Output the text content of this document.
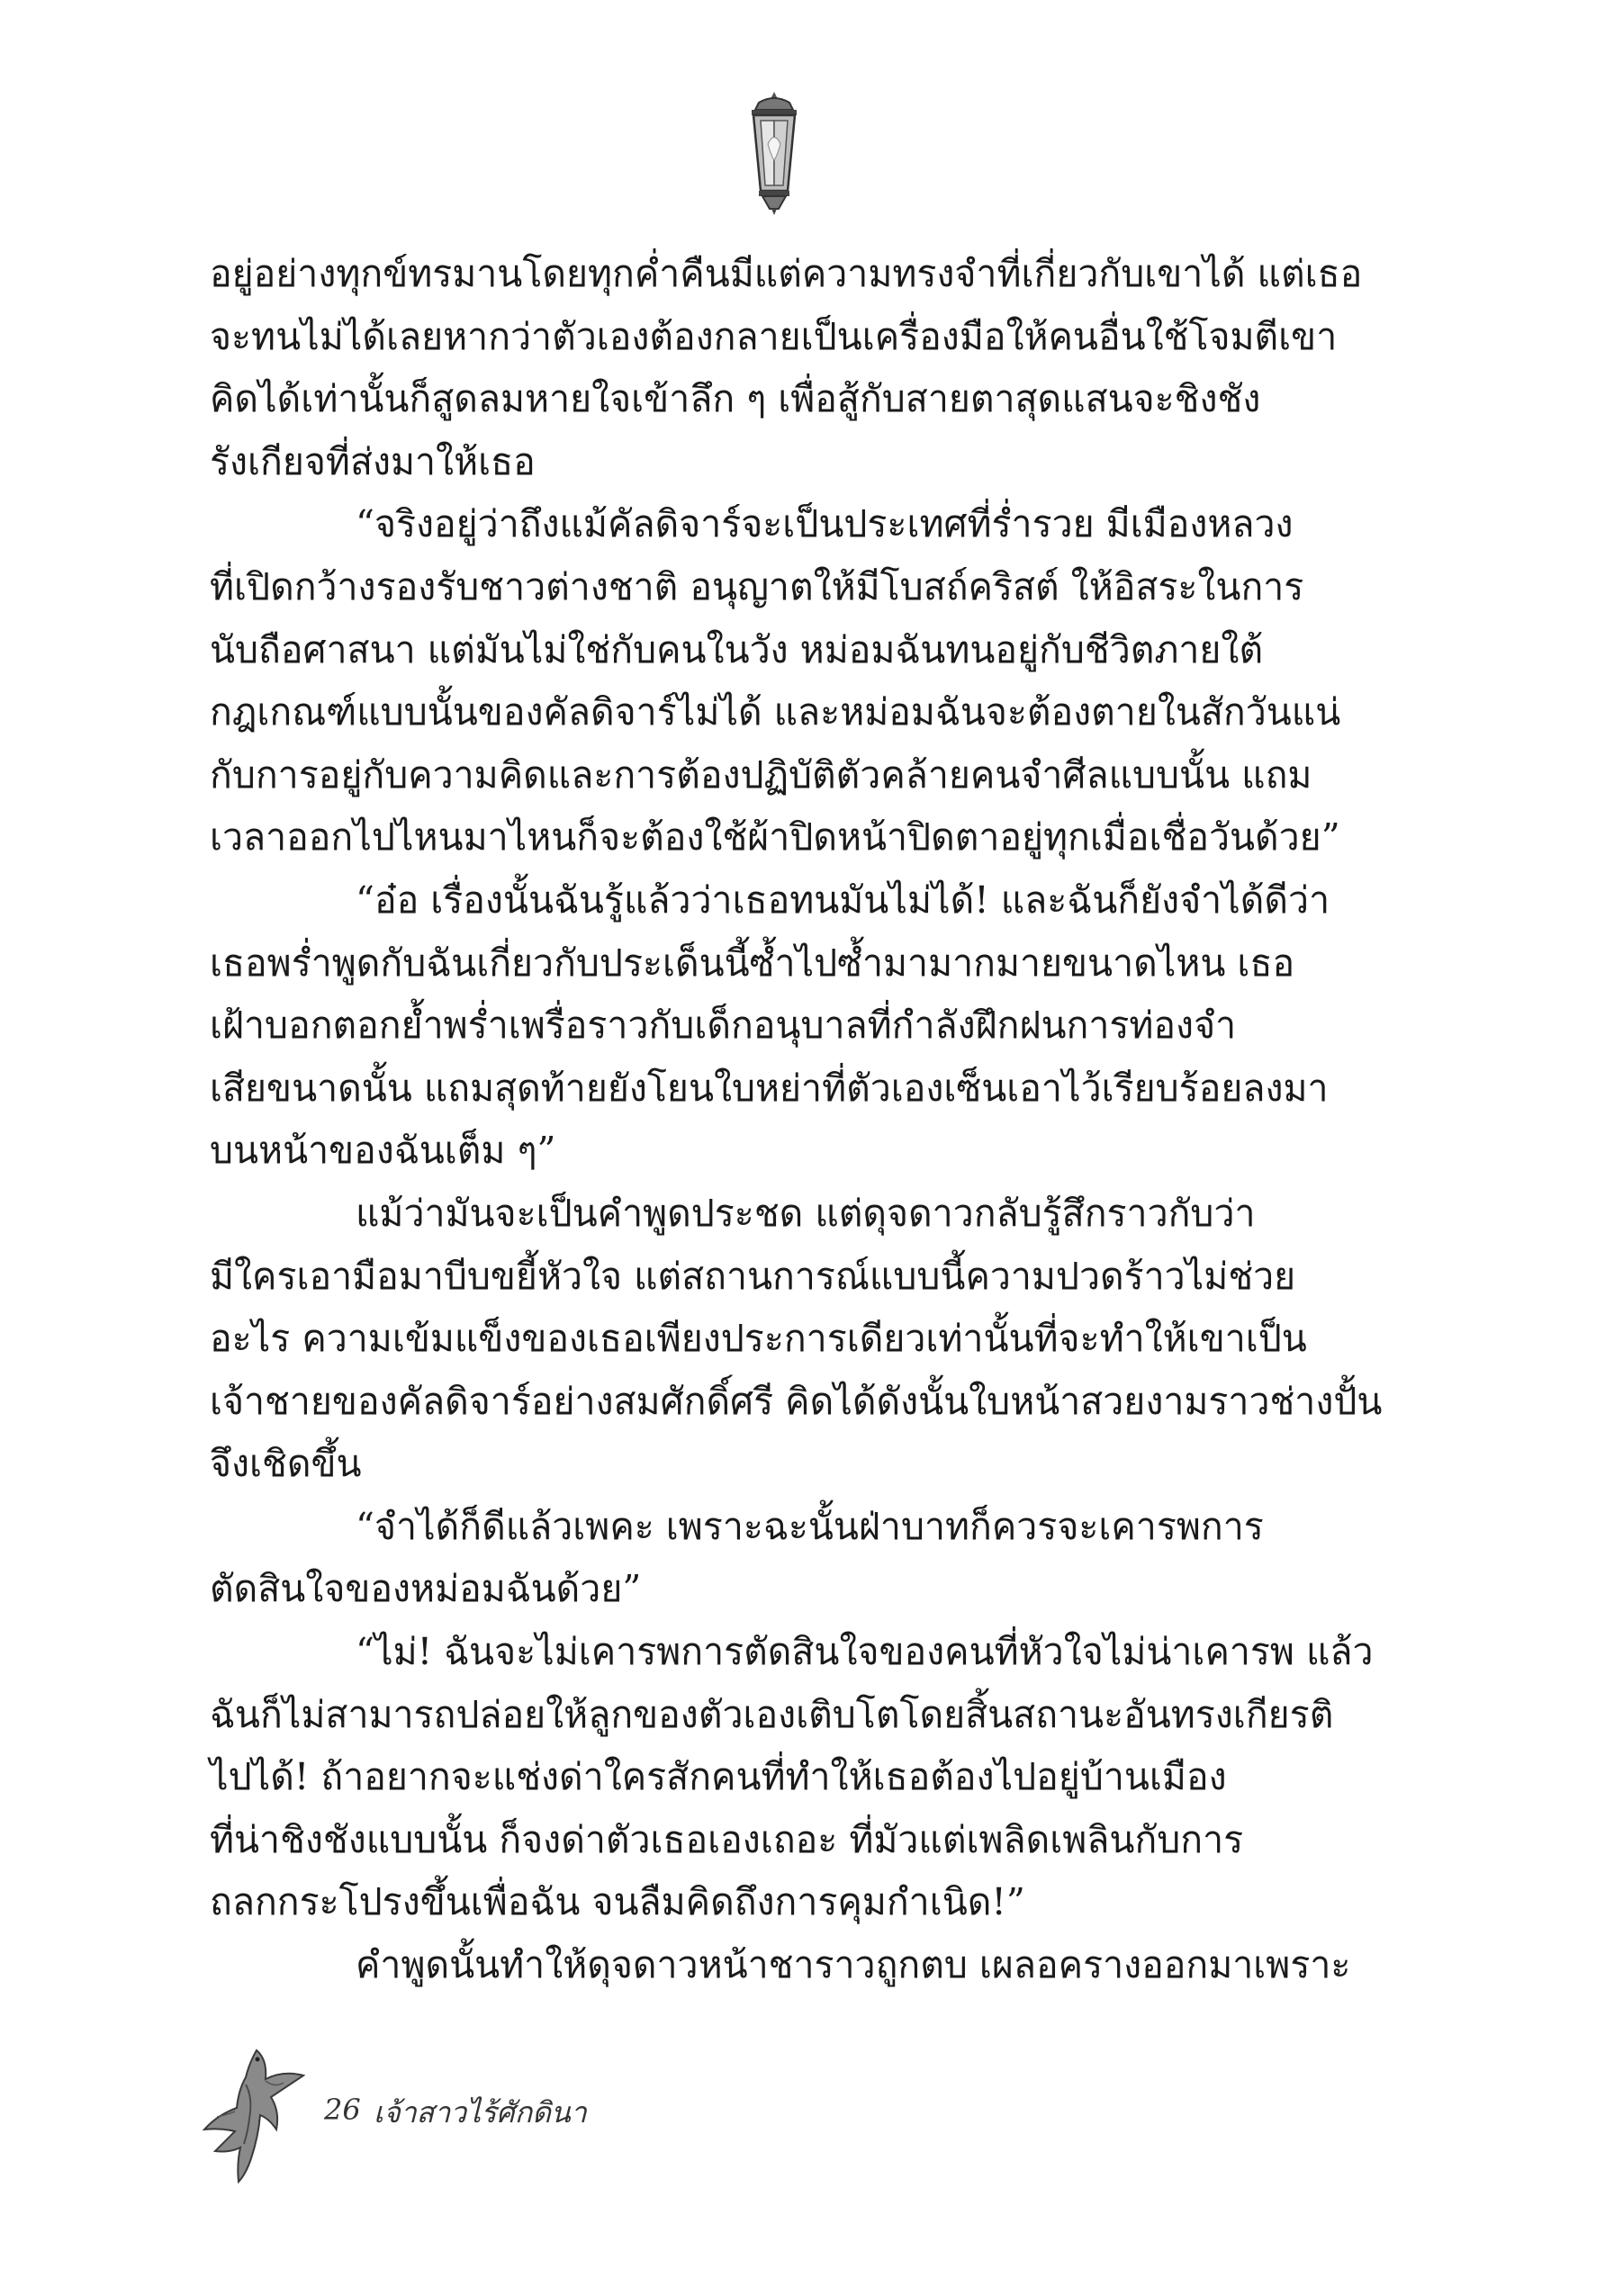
อยู่อย่างทุกข์ทรมานโดยทุกค่ำคืนมีแต่ความทรงจำที่เกี่ยวกับเขาได้ แต่เธอ
จะทนไม่ได้เลยหากว่าตัวเองต้องกลายเป็นเครื่องมือให้คนอื่นใช้โจมตีเขา
คิดได้เท่านั้นก็สูดลมหายใจเข้าลึก ๆ เพื่อสู้กับสายตาสุดแสนจะชิงชัง
รังเกียจที่ส่งมาให้เธอ
“จริงอยู่ว่าถึงแม้คัลดิจาร์จะเป็นประเทศที่ร่ำรวย มีเมืองหลวง
ที่เปิดกว้างรองรับชาวต่างชาติ อนุญาตให้มีโบสถ์คริสต์ ให้อิสระในการ
นับถือศาสนา แต่มันไม่ใช่กับคนในวัง หม่อมฉันทนอยู่กับชีวิตภายใต้
กฎเกณฑ์แบบนั้นของคัลดิจาร์ไม่ได้ และหม่อมฉันจะต้องตายในสักวันแน่
กับการอยู่กับความคิดและการต้องปฏิบัติตัวคล้ายคนจำศีลแบบนั้น แถม
เวลาออกไปไหนมาไหนก็จะต้องใช้ผ้าปิดหน้าปิดตาอยู่ทุกเมื่อเชื่อวันด้วย”
“อ๋อ เรื่องนั้นฉันรู้แล้วว่าเธอทนมันไม่ได้! และฉันก็ยังจำได้ดีว่า
เธอพร่ำพูดกับฉันเกี่ยวกับประเด็นนี้ซ้ำไปซ้ำมามากมายขนาดไหน เธอ
เฝ้าบอกตอกย้ำพร่ำเพรื่อราวกับเด็กอนุบาลที่กำลังฝึกฝนการท่องจำ
เสียขนาดนั้น แถมสุดท้ายยังโยนใบหย่าที่ตัวเองเซ็นเอาไว้เรียบร้อยลงมา
บนหน้าของฉันเต็ม ๆ”
แม้ว่ามันจะเป็นคำพูดประชด แต่ดุจดาวกลับรู้สึกราวกับว่า
มีใครเอามือมาบีบขยี้หัวใจ แต่สถานการณ์แบบนี้ความปวดร้าวไม่ช่วย
อะไร ความเข้มแข็งของเธอเพียงประการเดียวเท่านั้นที่จะทำให้เขาเป็น
เจ้าชายของคัลดิจาร์อย่างสมศักดิ์ศรี คิดได้ดังนั้นใบหน้าสวยงามราวช่างปั้น
จึงเชิดขึ้น
“จำได้ก็ดีแล้วเพคะ เพราะฉะนั้นฝ่าบาทก็ควรจะเคารพการ
ตัดสินใจของหม่อมฉันด้วย”
“ไม่! ฉันจะไม่เคารพการตัดสินใจของคนที่หัวใจไม่น่าเคารพ แล้ว
ฉันก็ไม่สามารถปล่อยให้ลูกของตัวเองเติบโตโดยสิ้นสถานะอันทรงเกียรติ
ไปได้! ถ้าอยากจะแช่งด่าใครสักคนที่ทำให้เธอต้องไปอยู่บ้านเมือง
ที่น่าชิงชังแบบนั้น ก็จงด่าตัวเธอเองเถอะ ที่มัวแต่เพลิดเพลินกับการ
ถลกกระโปรงขึ้นเพื่อฉัน จนลืมคิดถึงการคุมกำเนิด!”
คำพูดนั้นทำให้ดุจดาวหน้าชาราวถูกตบ เผลอครางออกมาเพราะ
26 เจ้าสาวไร้ศักดินา
